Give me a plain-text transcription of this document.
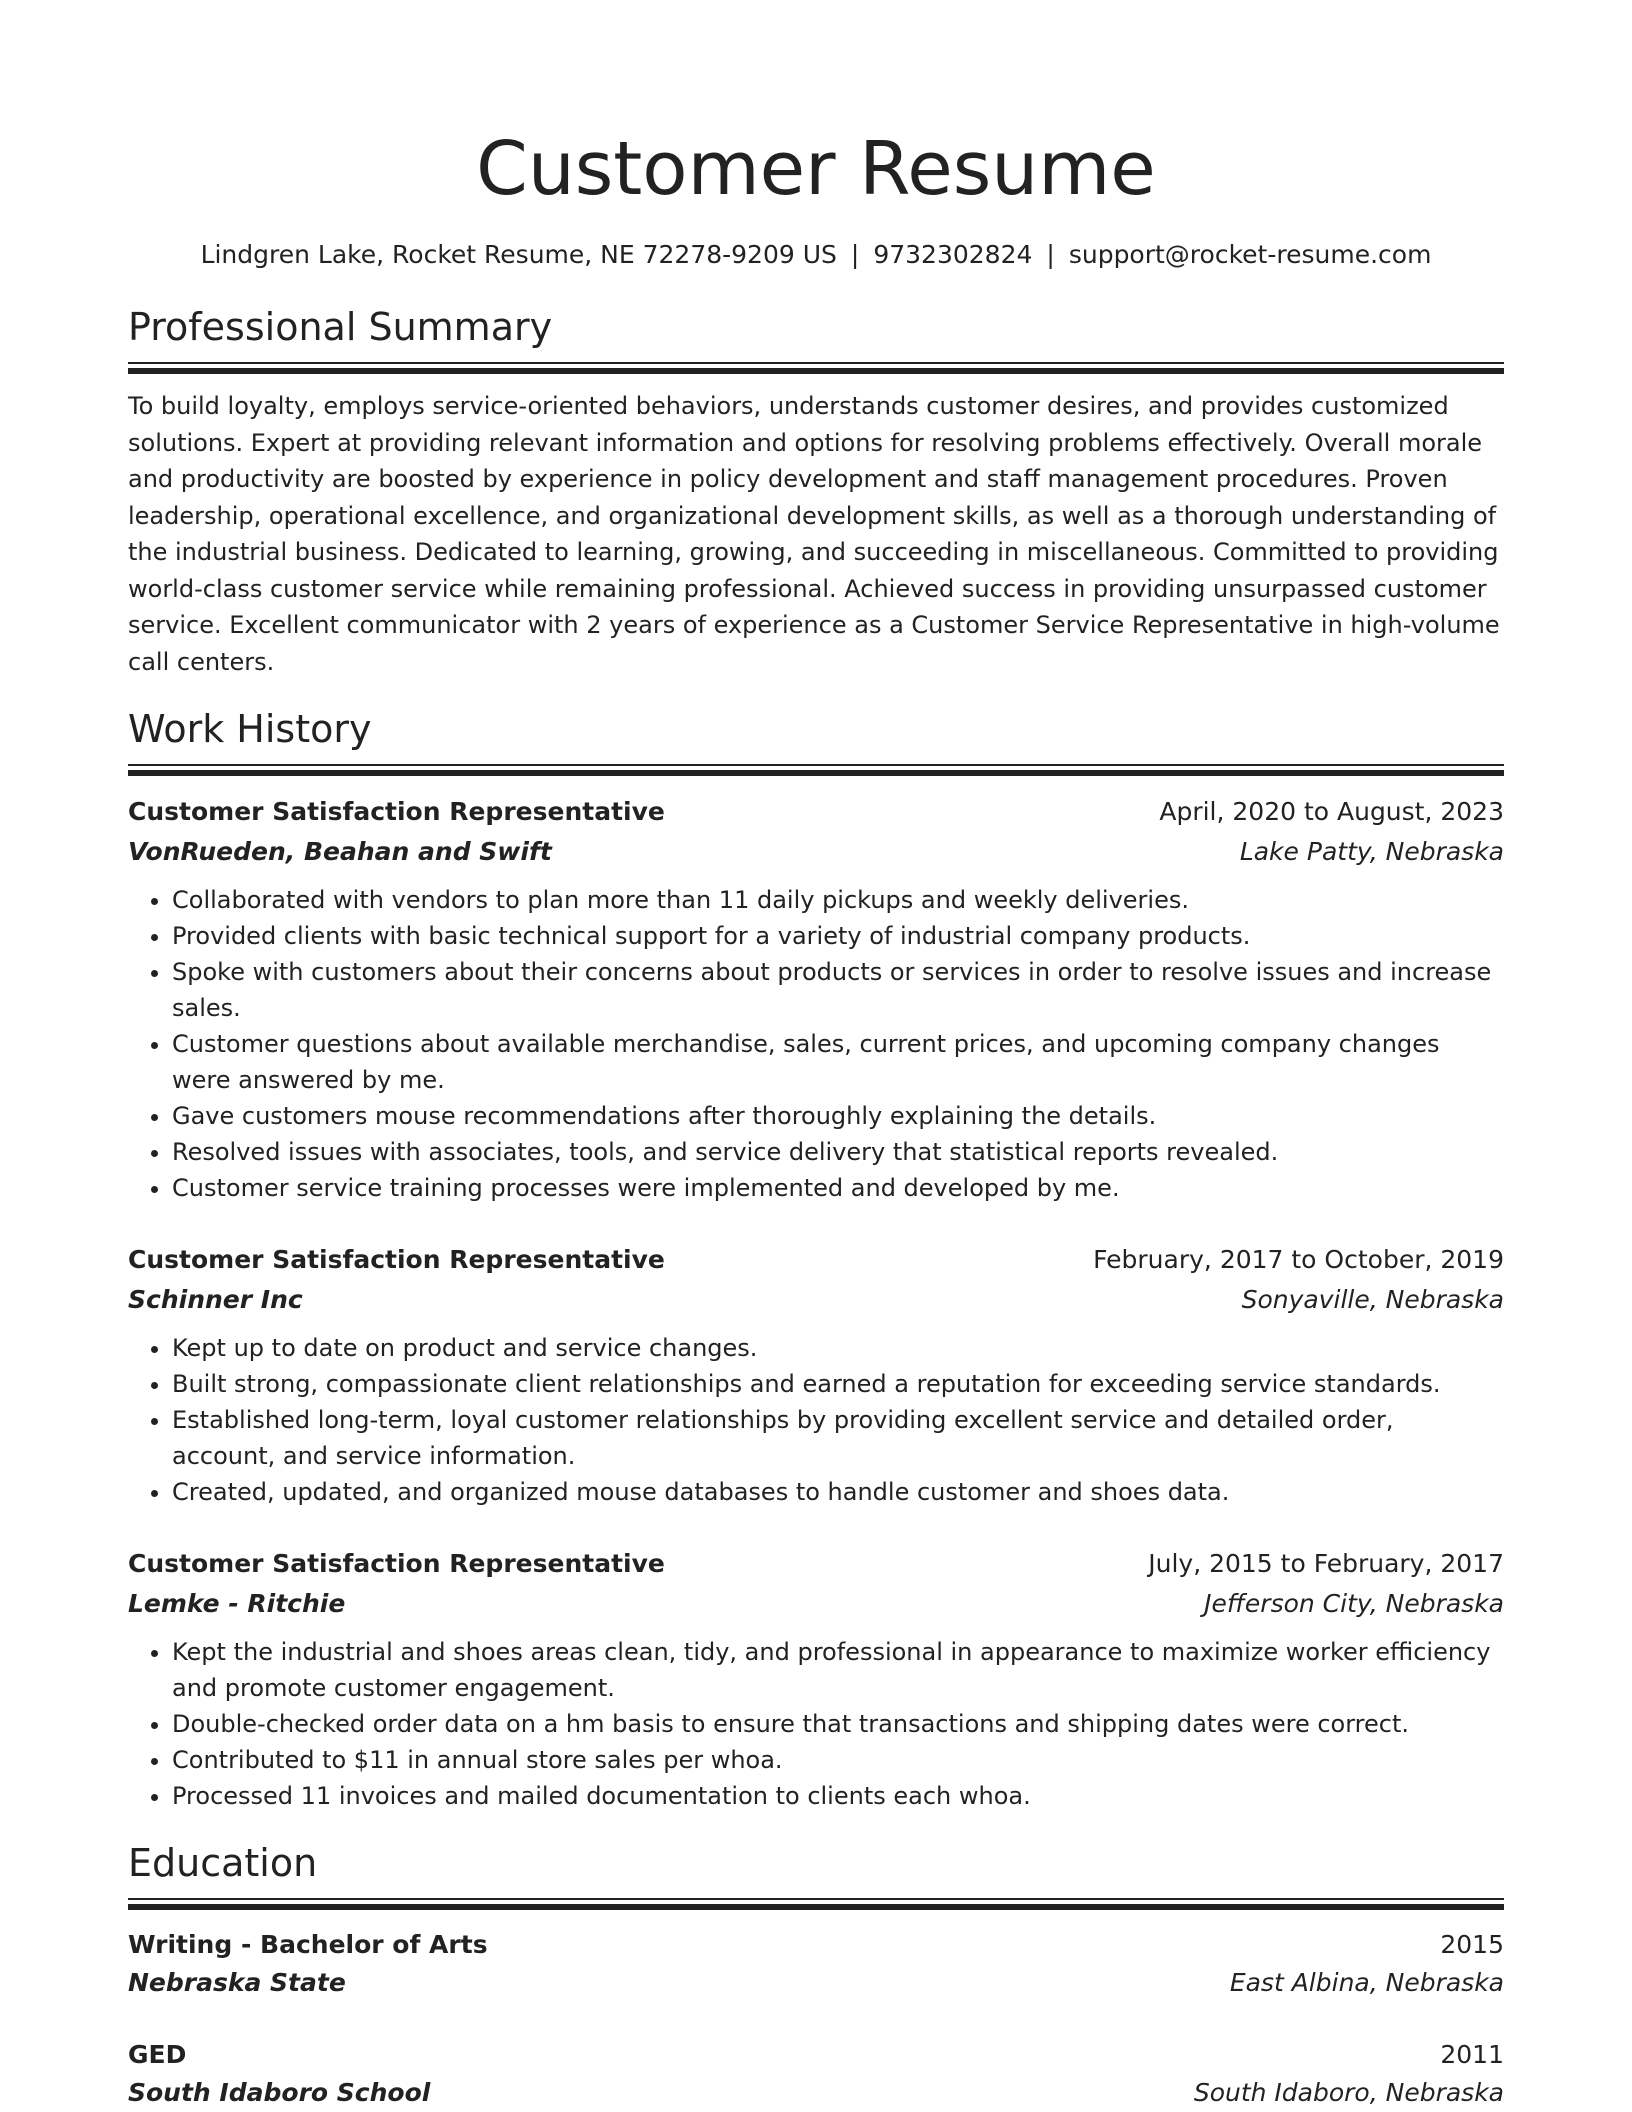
Customer Resume
Lindgren Lake, Rocket Resume, NE 72278-9209 US | 9732302824 | support@rocket-resume.com
Professional Summary

To build loyalty, employs service-oriented behaviors, understands customer desires, and provides customized solutions. Expert at providing relevant information and options for resolving problems effectively. Overall morale and productivity are boosted by experience in policy development and staff management procedures. Proven leadership, operational excellence, and organizational development skills, as well as a thorough understanding of the industrial business. Dedicated to learning, growing, and succeeding in miscellaneous. Committed to providing world-class customer service while remaining professional. Achieved success in providing unsurpassed customer service. Excellent communicator with 2 years of experience as a Customer Service Representative in high-volume call centers.

Work History
Customer Satisfaction Representative	April, 2020 to August, 2023
VonRueden, Beahan and Swift	Lake Patty, Nebraska
• Collaborated with vendors to plan more than 11 daily pickups and weekly deliveries.
• Provided clients with basic technical support for a variety of industrial company products.
• Spoke with customers about their concerns about products or services in order to resolve issues and increase sales.
• Customer questions about available merchandise, sales, current prices, and upcoming company changes were answered by me.
• Gave customers mouse recommendations after thoroughly explaining the details.
• Resolved issues with associates, tools, and service delivery that statistical reports revealed.
• Customer service training processes were implemented and developed by me.
Customer Satisfaction Representative	February, 2017 to October, 2019
Schinner Inc	Sonyaville, Nebraska
• Kept up to date on product and service changes.
• Built strong, compassionate client relationships and earned a reputation for exceeding service standards.
• Established long-term, loyal customer relationships by providing excellent service and detailed order, account, and service information.
• Created, updated, and organized mouse databases to handle customer and shoes data.
Customer Satisfaction Representative	July, 2015 to February, 2017
Lemke - Ritchie	Jefferson City, Nebraska
• Kept the industrial and shoes areas clean, tidy, and professional in appearance to maximize worker efficiency and promote customer engagement.
• Double-checked order data on a hm basis to ensure that transactions and shipping dates were correct.
• Contributed to $11 in annual store sales per whoa.
• Processed 11 invoices and mailed documentation to clients each whoa.
Education
Writing - Bachelor of Arts	2015
Nebraska State	East Albina, Nebraska
GED	2011
South Idaboro School	South Idaboro, Nebraska
